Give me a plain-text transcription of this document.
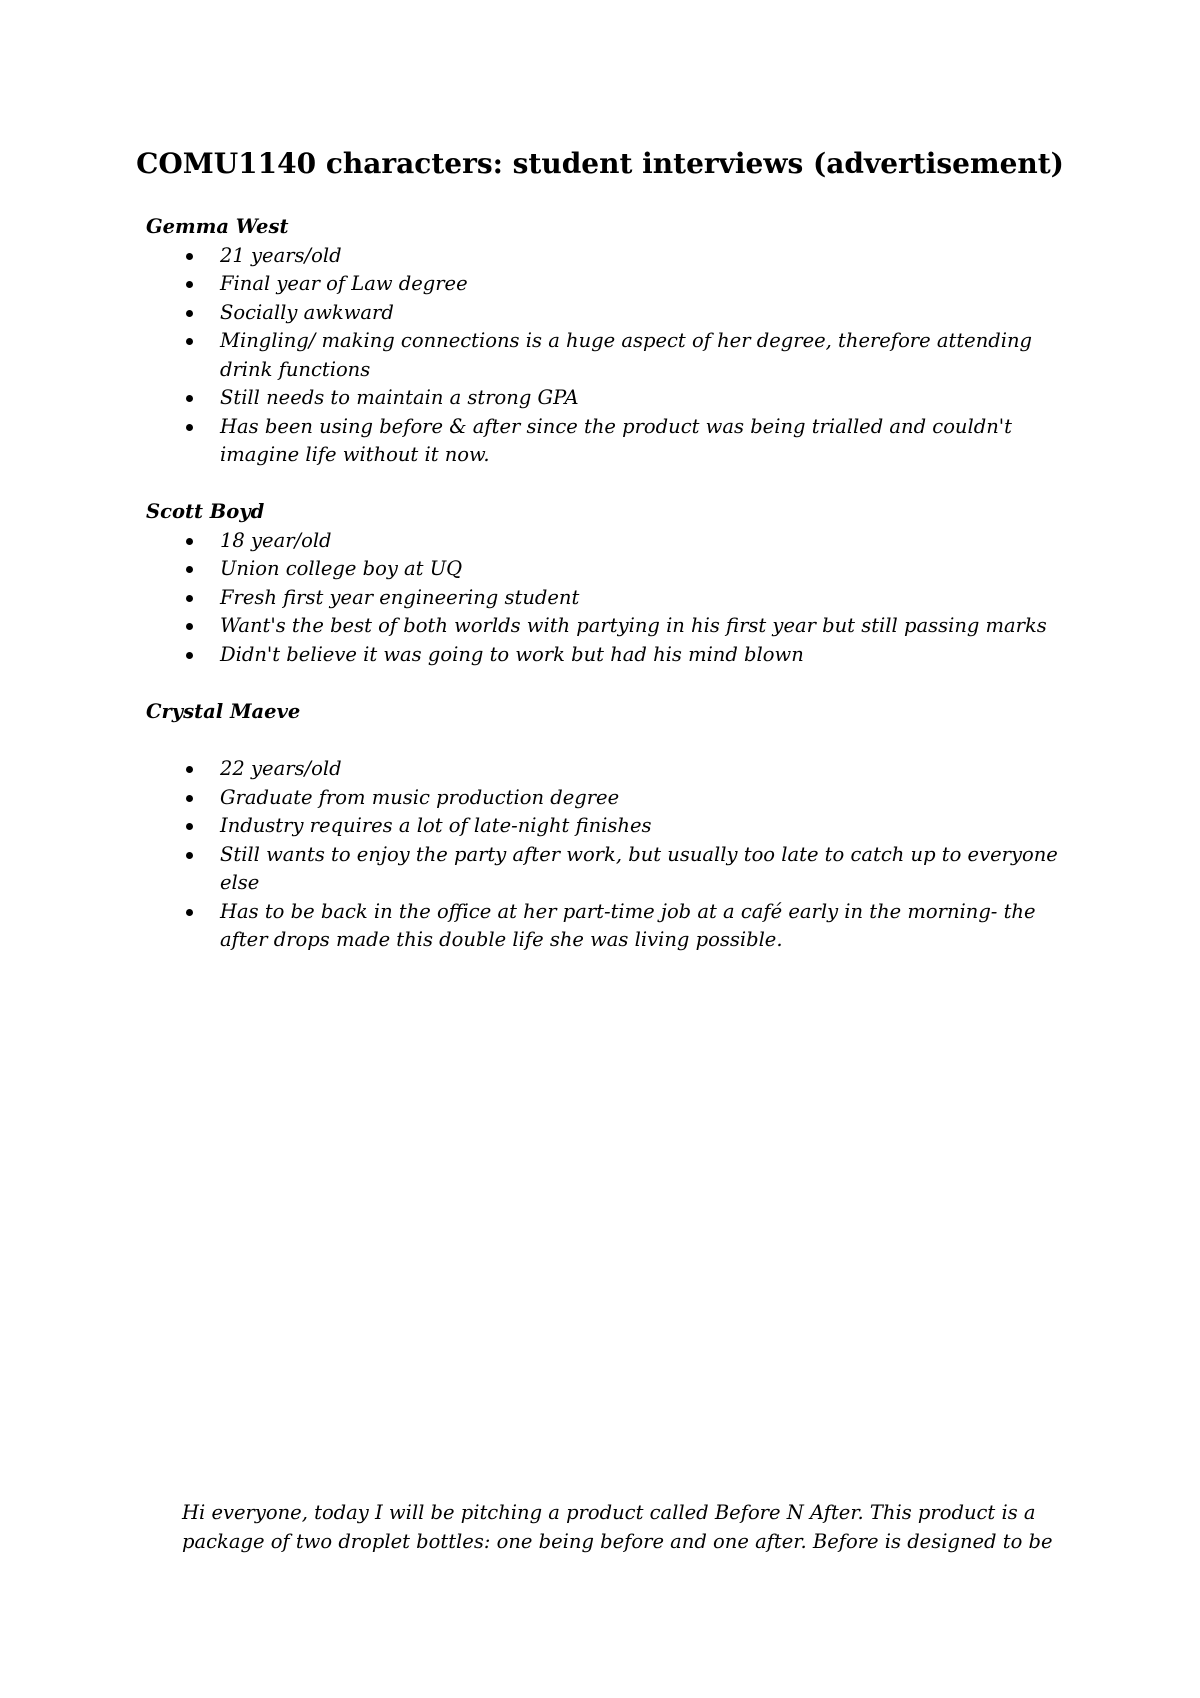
COMU1140 characters: student interviews (advertisement)
Gemma West
21 years/old
Final year of Law degree
Socially awkward
Mingling/ making connections is a huge aspect of her degree, therefore attending drink functions
Still needs to maintain a strong GPA
Has been using before & after since the product was being trialled and couldn't imagine life without it now.
Scott Boyd
18 year/old
Union college boy at UQ
Fresh first year engineering student
Want's the best of both worlds with partying in his first year but still passing marks
Didn't believe it was going to work but had his mind blown
Crystal Maeve
22 years/old
Graduate from music production degree
Industry requires a lot of late-night finishes
Still wants to enjoy the party after work, but usually too late to catch up to everyone else
Has to be back in the office at her part-time job at a café early in the morning- the after drops made this double life she was living possible.
Hi everyone, today I will be pitching a product called Before N After. This product is a
package of two droplet bottles: one being before and one after. Before is designed to be
